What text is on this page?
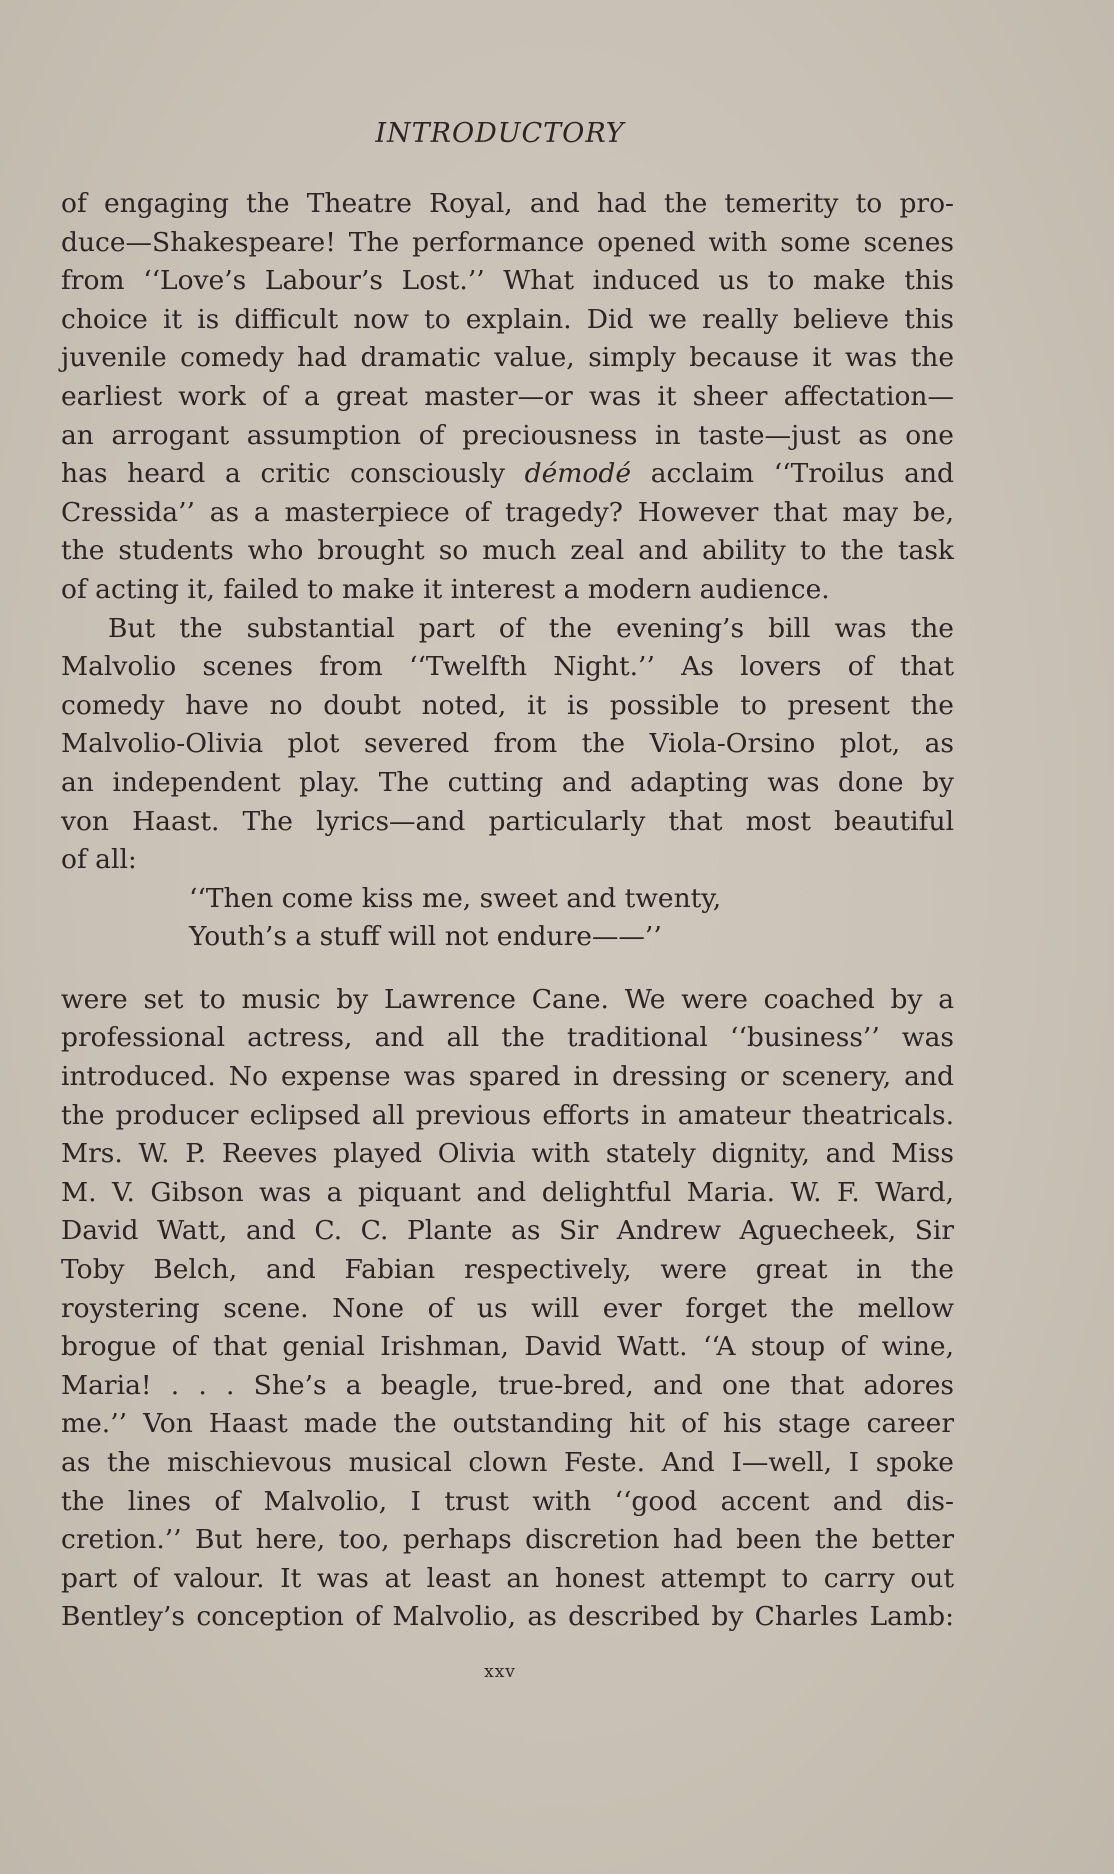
INTRODUCTORY
of engaging the Theatre Royal, and had the temerity to pro-
duce—Shakespeare! The performance opened with some scenes
from ‘‘Love’s Labour’s Lost.’’ What induced us to make this
choice it is difficult now to explain. Did we really believe this
juvenile comedy had dramatic value, simply because it was the
earliest work of a great master—or was it sheer affectation—
an arrogant assumption of preciousness in taste—just as one
has heard a critic consciously démodé acclaim ‘‘Troilus and
Cressida’’ as a masterpiece of tragedy? However that may be,
the students who brought so much zeal and ability to the task
of acting it, failed to make it interest a modern audience.
But the substantial part of the evening’s bill was the
Malvolio scenes from ‘‘Twelfth Night.’’ As lovers of that
comedy have no doubt noted, it is possible to present the
Malvolio-Olivia plot severed from the Viola-Orsino plot, as
an independent play. The cutting and adapting was done by
von Haast. The lyrics—and particularly that most beautiful
of all:
‘‘Then come kiss me, sweet and twenty,
Youth’s a stuff will not endure——’’
were set to music by Lawrence Cane. We were coached by a
professional actress, and all the traditional ‘‘business’’ was
introduced. No expense was spared in dressing or scenery, and
the producer eclipsed all previous efforts in amateur theatricals.
Mrs. W. P. Reeves played Olivia with stately dignity, and Miss
M. V. Gibson was a piquant and delightful Maria. W. F. Ward,
David Watt, and C. C. Plante as Sir Andrew Aguecheek, Sir
Toby Belch, and Fabian respectively, were great in the
roystering scene. None of us will ever forget the mellow
brogue of that genial Irishman, David Watt. ‘‘A stoup of wine,
Maria! . . . She’s a beagle, true-bred, and one that adores
me.’’ Von Haast made the outstanding hit of his stage career
as the mischievous musical clown Feste. And I—well, I spoke
the lines of Malvolio, I trust with ‘‘good accent and dis-
cretion.’’ But here, too, perhaps discretion had been the better
part of valour. It was at least an honest attempt to carry out
Bentley’s conception of Malvolio, as described by Charles Lamb:
xxv
